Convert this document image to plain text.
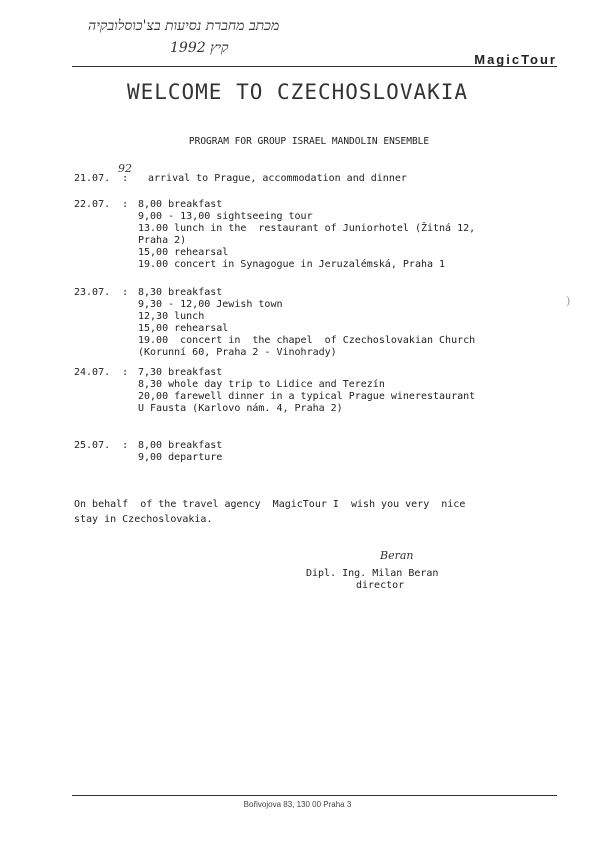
מכתב מחברת נסיעות בצ'כוסלובקיה
1992 קיץ
MagicTour
WELCOME TO CZECHOSLOVAKIA
PROGRAM FOR GROUP ISRAEL MANDOLIN ENSEMBLE
21.07.  :
92
arrival to Prague, accommodation and dinner
22.07.  : 8,00 breakfast
9,00 - 13,00 sightseeing tour
13.00 lunch in the  restaurant of Juniorhotel (Žitná 12,
Praha 2)
15,00 rehearsal
19.00 concert in Synagogue in Jeruzalémská, Praha 1
23.07.  : 8,30 breakfast
9,30 - 12,00 Jewish town
12,30 lunch
15,00 rehearsal
19.00  concert in  the chapel  of Czechoslovakian Church
(Korunní 60, Praha 2 - Vinohrady)
24.07.  : 7,30 breakfast
8,30 whole day trip to Lidice and Terezín
20,00 farewell dinner in a typical Prague winerestaurant
U Fausta (Karlovo nám. 4, Praha 2)
25.07.  : 8,00 breakfast
9,00 departure
On behalf  of the travel agency  MagicTour I  wish you very  nice
stay in Czechoslovakia.
Beran
Dipl. Ing. Milan Beran
director
)
Bořivojova 83, 130 00 Praha 3
